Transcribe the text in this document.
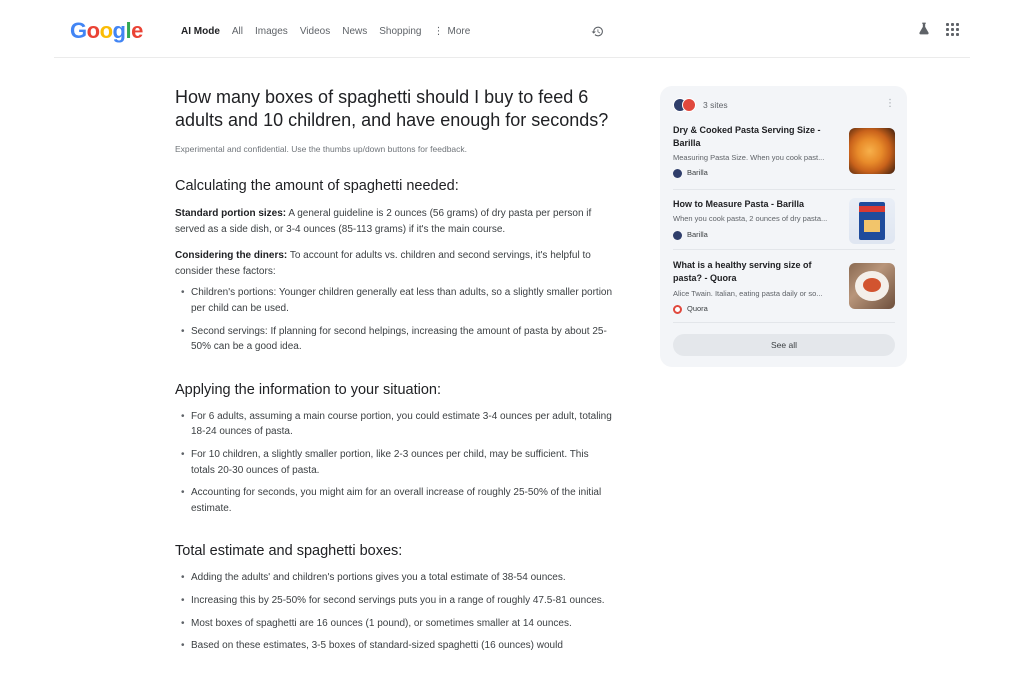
Google	AI Mode All Images Videos News Shopping ⋮ More
How many boxes of spaghetti should I buy to feed 6 adults and 10 children, and have enough for seconds?

Experimental and confidential. Use the thumbs up/down buttons for feedback.

Calculating the amount of spaghetti needed:

Standard portion sizes: A general guideline is 2 ounces (56 grams) of dry pasta per person if served as a side dish, or 3-4 ounces (85-113 grams) if it's the main course.

Considering the diners: To account for adults vs. children and second servings, it's helpful to consider these factors:

• Children's portions: Younger children generally eat less than adults, so a slightly smaller portion per child can be used.
• Second servings: If planning for second helpings, increasing the amount of pasta by about 25-50% can be a good idea.
Applying the information to your situation:
• For 6 adults, assuming a main course portion, you could estimate 3-4 ounces per adult, totaling 18-24 ounces of pasta.
• For 10 children, a slightly smaller portion, like 2-3 ounces per child, may be sufficient. This totals 20-30 ounces of pasta.
• Accounting for seconds, you might aim for an overall increase of roughly 25-50% of the initial estimate.
Total estimate and spaghetti boxes:
• Adding the adults' and children's portions gives you a total estimate of 38-54 ounces.
• Increasing this by 25-50% for second servings puts you in a range of roughly 47.5-81 ounces.
• Most boxes of spaghetti are 16 ounces (1 pound), or sometimes smaller at 14 ounces.
• Based on these estimates, 3-5 boxes of standard-sized spaghetti (16 ounces) would
3 sites	⋮
Dry & Cooked Pasta Serving Size - Barilla
Measuring Pasta Size. When you cook past...
Barilla
How to Measure Pasta - Barilla
When you cook pasta, 2 ounces of dry pasta...
Barilla
What is a healthy serving size of pasta? - Quora
Alice Twain. Italian, eating pasta daily or so...
Quora
See all
